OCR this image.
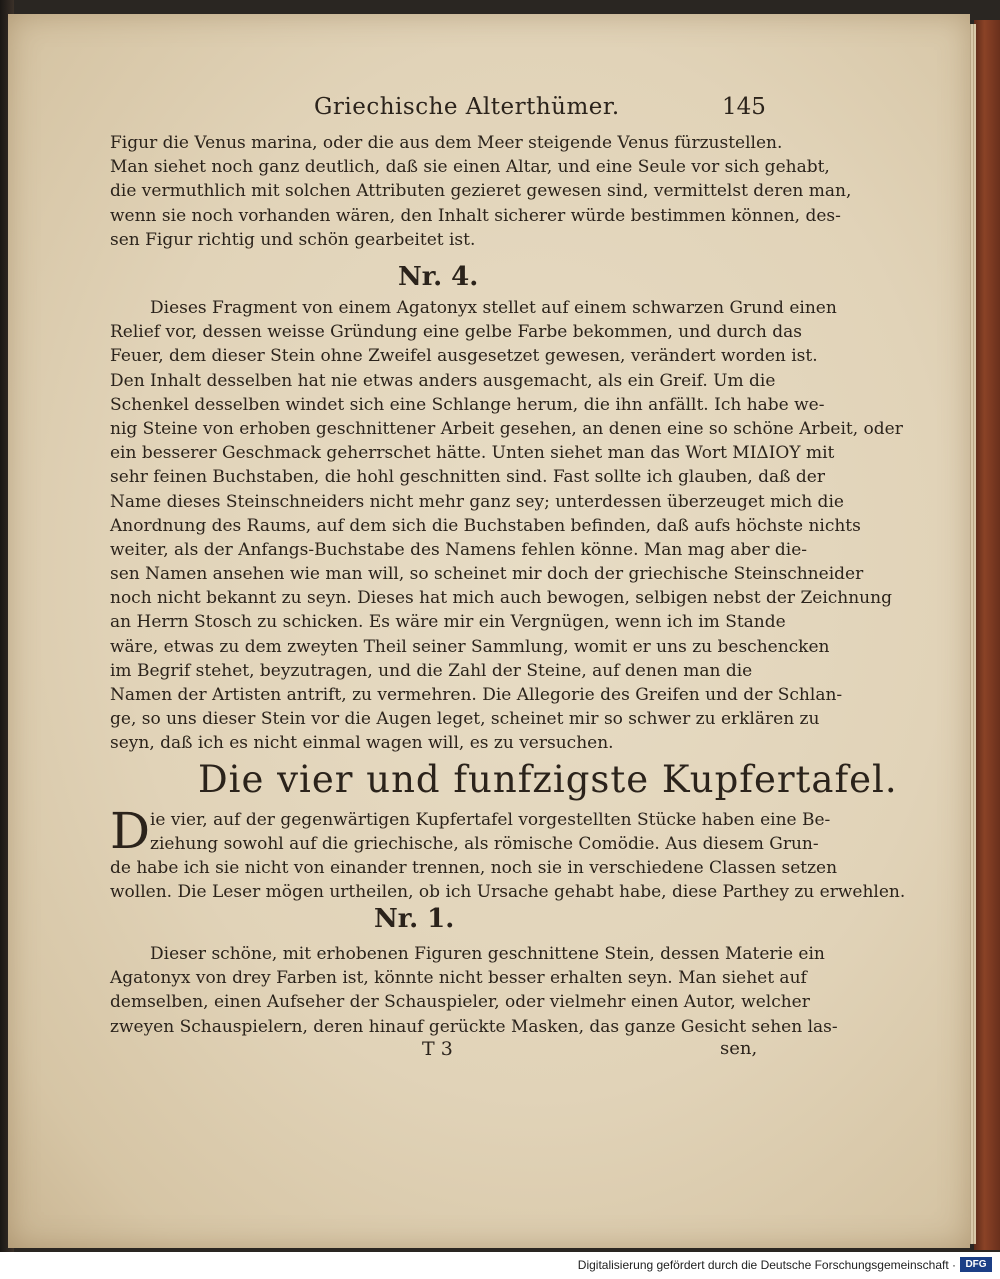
Griechische Alterthümer.	145
Figur die Venus marina, oder die aus dem Meer steigende Venus fürzustellen.
Man siehet noch ganz deutlich, daß sie einen Altar, und eine Seule vor sich gehabt,
die vermuthlich mit solchen Attributen gezieret gewesen sind, vermittelst deren man,
wenn sie noch vorhanden wären, den Inhalt sicherer würde bestimmen können, des-
sen Figur richtig und schön gearbeitet ist.
Nr. 4.
Dieses Fragment von einem Agatonyx stellet auf einem schwarzen Grund einen
Relief vor, dessen weisse Gründung eine gelbe Farbe bekommen, und durch das
Feuer, dem dieser Stein ohne Zweifel ausgesetzet gewesen, verändert worden ist.
Den Inhalt desselben hat nie etwas anders ausgemacht, als ein Greif. Um die
Schenkel desselben windet sich eine Schlange herum, die ihn anfällt. Ich habe we-
nig Steine von erhoben geschnittener Arbeit gesehen, an denen eine so schöne Arbeit, oder
ein besserer Geschmack geherrschet hätte. Unten siehet man das Wort ΜΙΔΙΟΥ mit
sehr feinen Buchstaben, die hohl geschnitten sind. Fast sollte ich glauben, daß der
Name dieses Steinschneiders nicht mehr ganz sey; unterdessen überzeuget mich die
Anordnung des Raums, auf dem sich die Buchstaben befinden, daß aufs höchste nichts
weiter, als der Anfangs-Buchstabe des Namens fehlen könne. Man mag aber die-
sen Namen ansehen wie man will, so scheinet mir doch der griechische Steinschneider
noch nicht bekannt zu seyn. Dieses hat mich auch bewogen, selbigen nebst der Zeichnung
an Herrn Stosch zu schicken. Es wäre mir ein Vergnügen, wenn ich im Stande
wäre, etwas zu dem zweyten Theil seiner Sammlung, womit er uns zu beschencken
im Begrif stehet, beyzutragen, und die Zahl der Steine, auf denen man die
Namen der Artisten antrift, zu vermehren. Die Allegorie des Greifen und der Schlan-
ge, so uns dieser Stein vor die Augen leget, scheinet mir so schwer zu erklären zu
seyn, daß ich es nicht einmal wagen will, es zu versuchen.
Die vier und funfzigste Kupfertafel.
D ie vier, auf der gegenwärtigen Kupfertafel vorgestellten Stücke haben eine Be-
ziehung sowohl auf die griechische, als römische Comödie. Aus diesem Grun-
de habe ich sie nicht von einander trennen, noch sie in verschiedene Classen setzen
wollen. Die Leser mögen urtheilen, ob ich Ursache gehabt habe, diese Parthey zu erwehlen.
Nr. 1.
Dieser schöne, mit erhobenen Figuren geschnittene Stein, dessen Materie ein
Agatonyx von drey Farben ist, könnte nicht besser erhalten seyn. Man siehet auf
demselben, einen Aufseher der Schauspieler, oder vielmehr einen Autor, welcher
zweyen Schauspielern, deren hinauf gerückte Masken, das ganze Gesicht sehen las-
T 3	sen,
Digitalisierung gefördert durch die Deutsche Forschungsgemeinschaft · DFG
